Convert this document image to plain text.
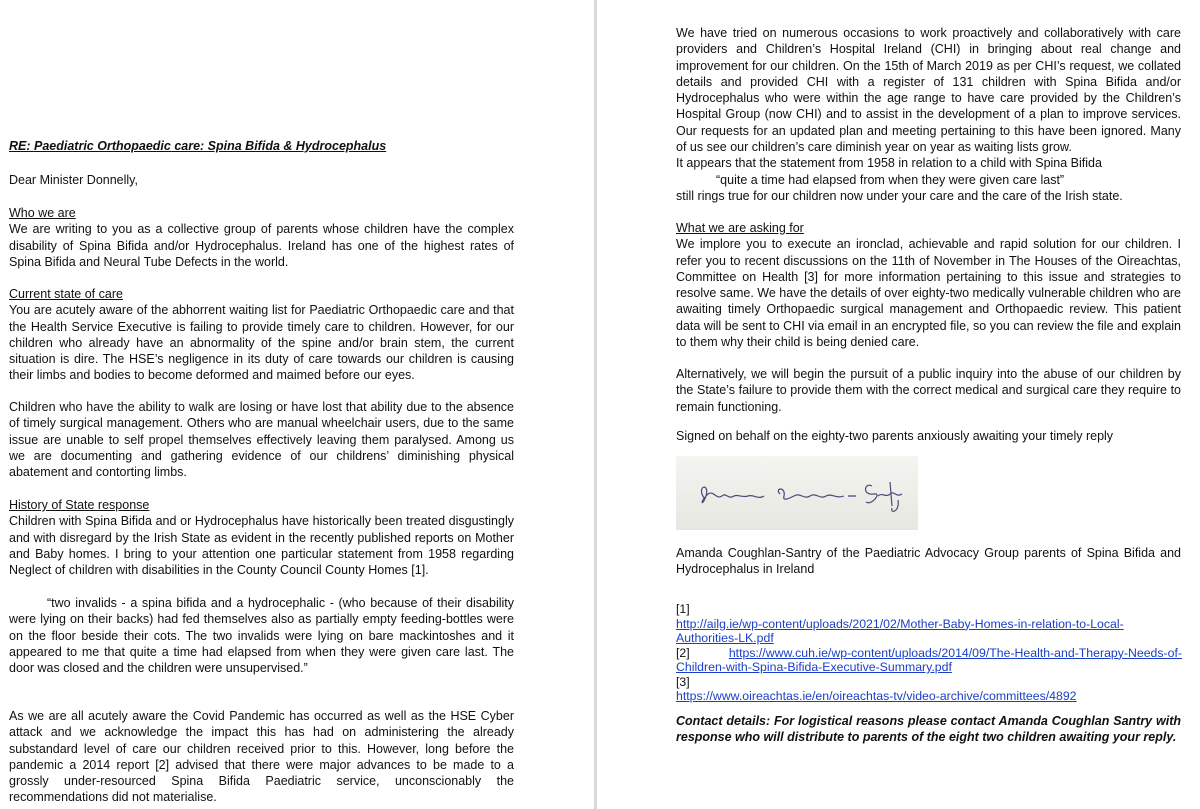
RE: Paediatric Orthopaedic care: Spina Bifida & Hydrocephalus

Dear Minister Donnelly,

Who we are

We are writing to you as a collective group of parents whose children have the complex disability of Spina Bifida and/or Hydrocephalus. Ireland has one of the highest rates of Spina Bifida and Neural Tube Defects in the world.

Current state of care

You are acutely aware of the abhorrent waiting list for Paediatric Orthopaedic care and that the Health Service Executive is failing to provide timely care to children. However, for our children who already have an abnormality of the spine and/or brain stem, the current situation is dire. The HSE’s negligence in its duty of care towards our children is causing their limbs and bodies to become deformed and maimed before our eyes.

Children who have the ability to walk are losing or have lost that ability due to the absence of timely surgical management. Others who are manual wheelchair users, due to the same issue are unable to self propel themselves effectively leaving them paralysed. Among us we are documenting and gathering evidence of our childrens’ diminishing physical abatement and contorting limbs.

History of State response

Children with Spina Bifida and or Hydrocephalus have historically been treated disgustingly and with disregard by the Irish State as evident in the recently published reports on Mother and Baby homes. I bring to your attention one particular statement from 1958 regarding Neglect of children with disabilities in the County Council County Homes [1].

“two invalids - a spina bifida and a hydrocephalic - (who because of their disability were lying on their backs) had fed themselves also as partially empty feeding-bottles were on the floor beside their cots. The two invalids were lying on bare mackintoshes and it appeared to me that quite a time had elapsed from when they were given care last. The door was closed and the children were unsupervised.”

As we are all acutely aware the Covid Pandemic has occurred as well as the HSE Cyber attack and we acknowledge the impact this has had on administering the already substandard level of care our children received prior to this. However, long before the pandemic a 2014 report [2] advised that there were major advances to be made to a grossly under-resourced Spina Bifida Paediatric service, unconscionably the recommendations did not materialise.

We have tried on numerous occasions to work proactively and collaboratively with care providers and Children’s Hospital Ireland (CHI) in bringing about real change and improvement for our children. On the 15th of March 2019 as per CHI’s request, we collated details and provided CHI with a register of 131 children with Spina Bifida and/or Hydrocephalus who were within the age range to have care provided by the Children’s Hospital Group (now CHI) and to assist in the development of a plan to improve services. Our requests for an updated plan and meeting pertaining to this have been ignored. Many of us see our children’s care diminish year on year as waiting lists grow.

It appears that the statement from 1958 in relation to a child with Spina Bifida

“quite a time had elapsed from when they were given care last”

still rings true for our children now under your care and the care of the Irish state.

What we are asking for

We implore you to execute an ironclad, achievable and rapid solution for our children. I refer you to recent discussions on the 11th of November in The Houses of the Oireachtas, Committee on Health [3] for more information pertaining to this issue and strategies to resolve same. We have the details of over eighty-two medically vulnerable children who are awaiting timely Orthopaedic surgical management and Orthopaedic review. This patient data will be sent to CHI via email in an encrypted file, so you can review the file and explain to them why their child is being denied care.

Alternatively, we will begin the pursuit of a public inquiry into the abuse of our children by the State’s failure to provide them with the correct medical and surgical care they require to remain functioning.

Signed on behalf on the eighty-two parents anxiously awaiting your timely reply

Amanda Coughlan-Santry of the Paediatric Advocacy Group parents of Spina Bifida and Hydrocephalus in Ireland

[1]

http://ailg.ie/wp-content/uploads/2021/02/Mother-Baby-Homes-in-relation-to-Local-Authorities-LK.pdf

[2]	https://www.cuh.ie/wp-content/uploads/2014/09/The-Health-and-Therapy-Needs-of-Children-with-Spina-Bifida-Executive-Summary.pdf

[3]

https://www.oireachtas.ie/en/oireachtas-tv/video-archive/committees/4892

Contact details: For logistical reasons please contact Amanda Coughlan Santry with response who will distribute to parents of the eight two children awaiting your reply.
